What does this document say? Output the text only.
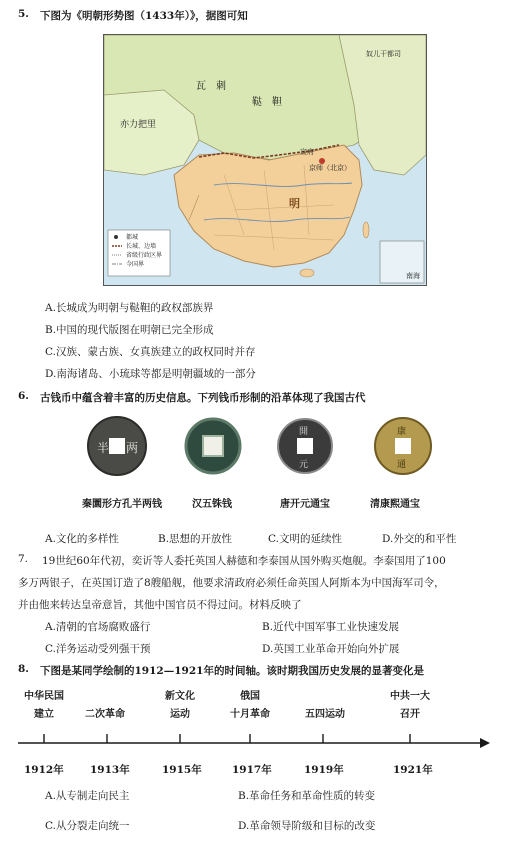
5. 下图为《明朝形势图（1433年）》，据图可知
瓦　刺
鞑　靼
亦力把里
明
奴儿干都司
宣府
京师（北京）
南海
都城
长城、边墙
省级行政区界
今国界
A.长城成为明朝与鞑靼的政权部族界
B.中国的现代版图在明朝已完全形成
C.汉族、蒙古族、女真族建立的政权同时并存
D.南海诸岛、小琉球等都是明朝疆域的一部分
6. 古钱币中蕴含着丰富的历史信息。下列钱币形制的沿革体现了我国古代
半 两
開
元
康
通
秦圜形方孔半两钱	汉五铢钱	唐开元通宝	清康熙通宝
A.文化的多样性	B.思想的开放性	C.文明的延续性	D.外交的和平性
7. 19世纪60年代初，奕䜣等人委托英国人赫德和李泰国从国外购买炮舰。李泰国用了100
多万两银子，在英国订造了8艘船舰，他要求清政府必须任命英国人阿斯本为中国海军司令，
并由他来转达皇帝意旨，其他中国官员不得过问。材料反映了
A.清朝的官场腐败盛行	B.近代中国军事工业快速发展
C.洋务运动受列强干预	D.英国工业革命开始向外扩展
8. 下图是某同学绘制的1912—1921年的时间轴。该时期我国历史发展的显著变化是
中华民国
建立	二次革命
新文化
运动
俄国
十月革命	五四运动
中共一大
召开
1912年	1913年	1915年	1917年	1919年	1921年
A.从专制走向民主	B.革命任务和革命性质的转变
C.从分裂走向统一	D.革命领导阶级和目标的改变
